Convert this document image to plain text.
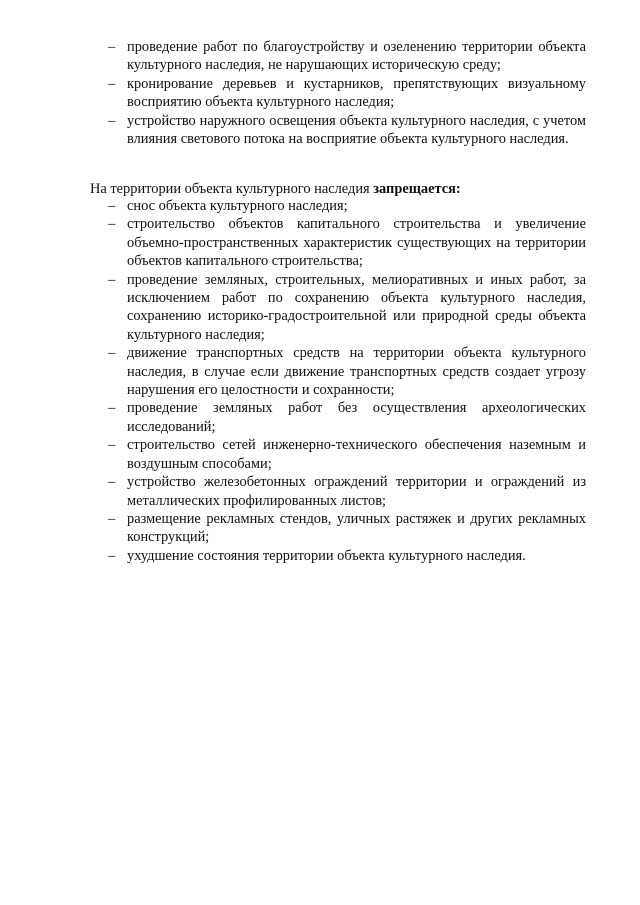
– проведение работ по благоустройству и озеленению территории объекта культурного наследия, не нарушающих историческую среду;
– кронирование деревьев и кустарников, препятствующих визуальному восприятию объекта культурного наследия;
– устройство наружного освещения объекта культурного наследия, с учетом влияния светового потока на восприятие объекта культурного наследия.

На территории объекта культурного наследия запрещается:

– снос объекта культурного наследия;
– строительство объектов капитального строительства и увеличение объемно-пространственных характеристик существующих на территории объектов капитального строительства;
– проведение земляных, строительных, мелиоративных и иных работ, за исключением работ по сохранению объекта культурного наследия, сохранению историко-градостроительной или природной среды объекта культурного наследия;
– движение транспортных средств на территории объекта культурного наследия, в случае если движение транспортных средств создает угрозу нарушения его целостности и сохранности;
– проведение земляных работ без осуществления археологических исследований;
– строительство сетей инженерно-технического обеспечения наземным и воздушным способами;
– устройство железобетонных ограждений территории и ограждений из металлических профилированных листов;
– размещение рекламных стендов, уличных растяжек и других рекламных конструкций;
– ухудшение состояния территории объекта культурного наследия.
